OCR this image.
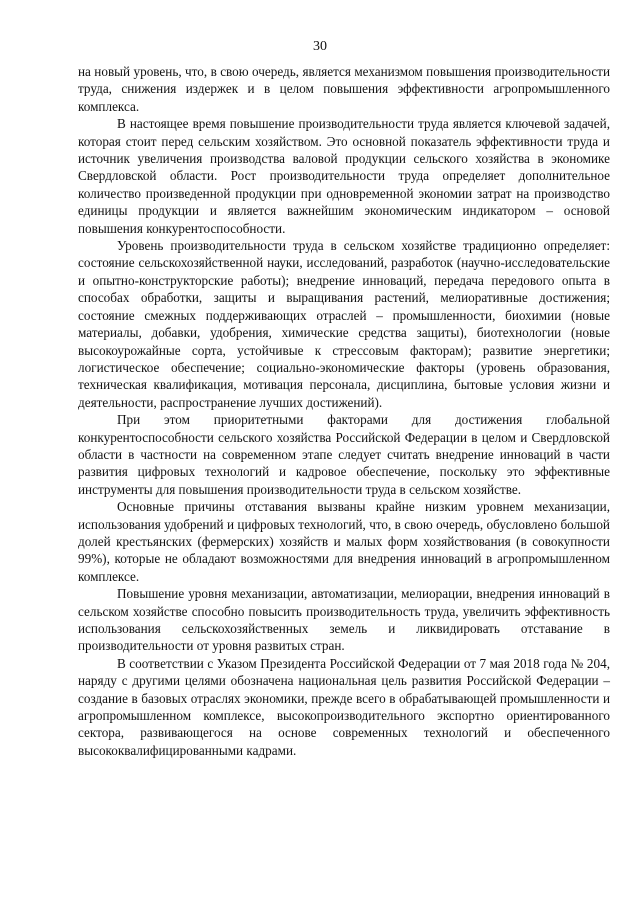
30

на новый уровень, что, в свою очередь, является механизмом повышения производительности труда, снижения издержек и в целом повышения эффективности агропромышленного комплекса.

В настоящее время повышение производительности труда является ключевой задачей, которая стоит перед сельским хозяйством. Это основной показатель эффективности труда и источник увеличения производства валовой продукции сельского хозяйства в экономике Свердловской области. Рост производительности труда определяет дополнительное количество произведенной продукции при одновременной экономии затрат на производство единицы продукции и является важнейшим экономическим индикатором – основой повышения конкурентоспособности.

Уровень производительности труда в сельском хозяйстве традиционно определяет: состояние сельскохозяйственной науки, исследований, разработок (научно-исследовательские и опытно-конструкторские работы); внедрение инноваций, передача передового опыта в способах обработки, защиты и выращивания растений, мелиоративные достижения; состояние смежных поддерживающих отраслей – промышленности, биохимии (новые материалы, добавки, удобрения, химические средства защиты), биотехнологии (новые высокоурожайные сорта, устойчивые к стрессовым факторам); развитие энергетики; логистическое обеспечение; социально-экономические факторы (уровень образования, техническая квалификация, мотивация персонала, дисциплина, бытовые условия жизни и деятельности, распространение лучших достижений).

При этом приоритетными факторами для достижения глобальной конкурентоспособности сельского хозяйства Российской Федерации в целом и Свердловской области в частности на современном этапе следует считать внедрение инноваций в части развития цифровых технологий и кадровое обеспечение, поскольку это эффективные инструменты для повышения производительности труда в сельском хозяйстве.

Основные причины отставания вызваны крайне низким уровнем механизации, использования удобрений и цифровых технологий, что, в свою очередь, обусловлено большой долей крестьянских (фермерских) хозяйств и малых форм хозяйствования (в совокупности 99%), которые не обладают возможностями для внедрения инноваций в агропромышленном комплексе.

Повышение уровня механизации, автоматизации, мелиорации, внедрения инноваций в сельском хозяйстве способно повысить производительность труда, увеличить эффективность использования сельскохозяйственных земель и ликвидировать отставание в производительности от уровня развитых стран.

В соответствии с Указом Президента Российской Федерации от 7 мая 2018 года № 204, наряду с другими целями обозначена национальная цель развития Российской Федерации – создание в базовых отраслях экономики, прежде всего в обрабатывающей промышленности и агропромышленном комплексе, высокопроизводительного экспортно ориентированного сектора, развивающегося на основе современных технологий и обеспеченного высококвалифицированными кадрами.
